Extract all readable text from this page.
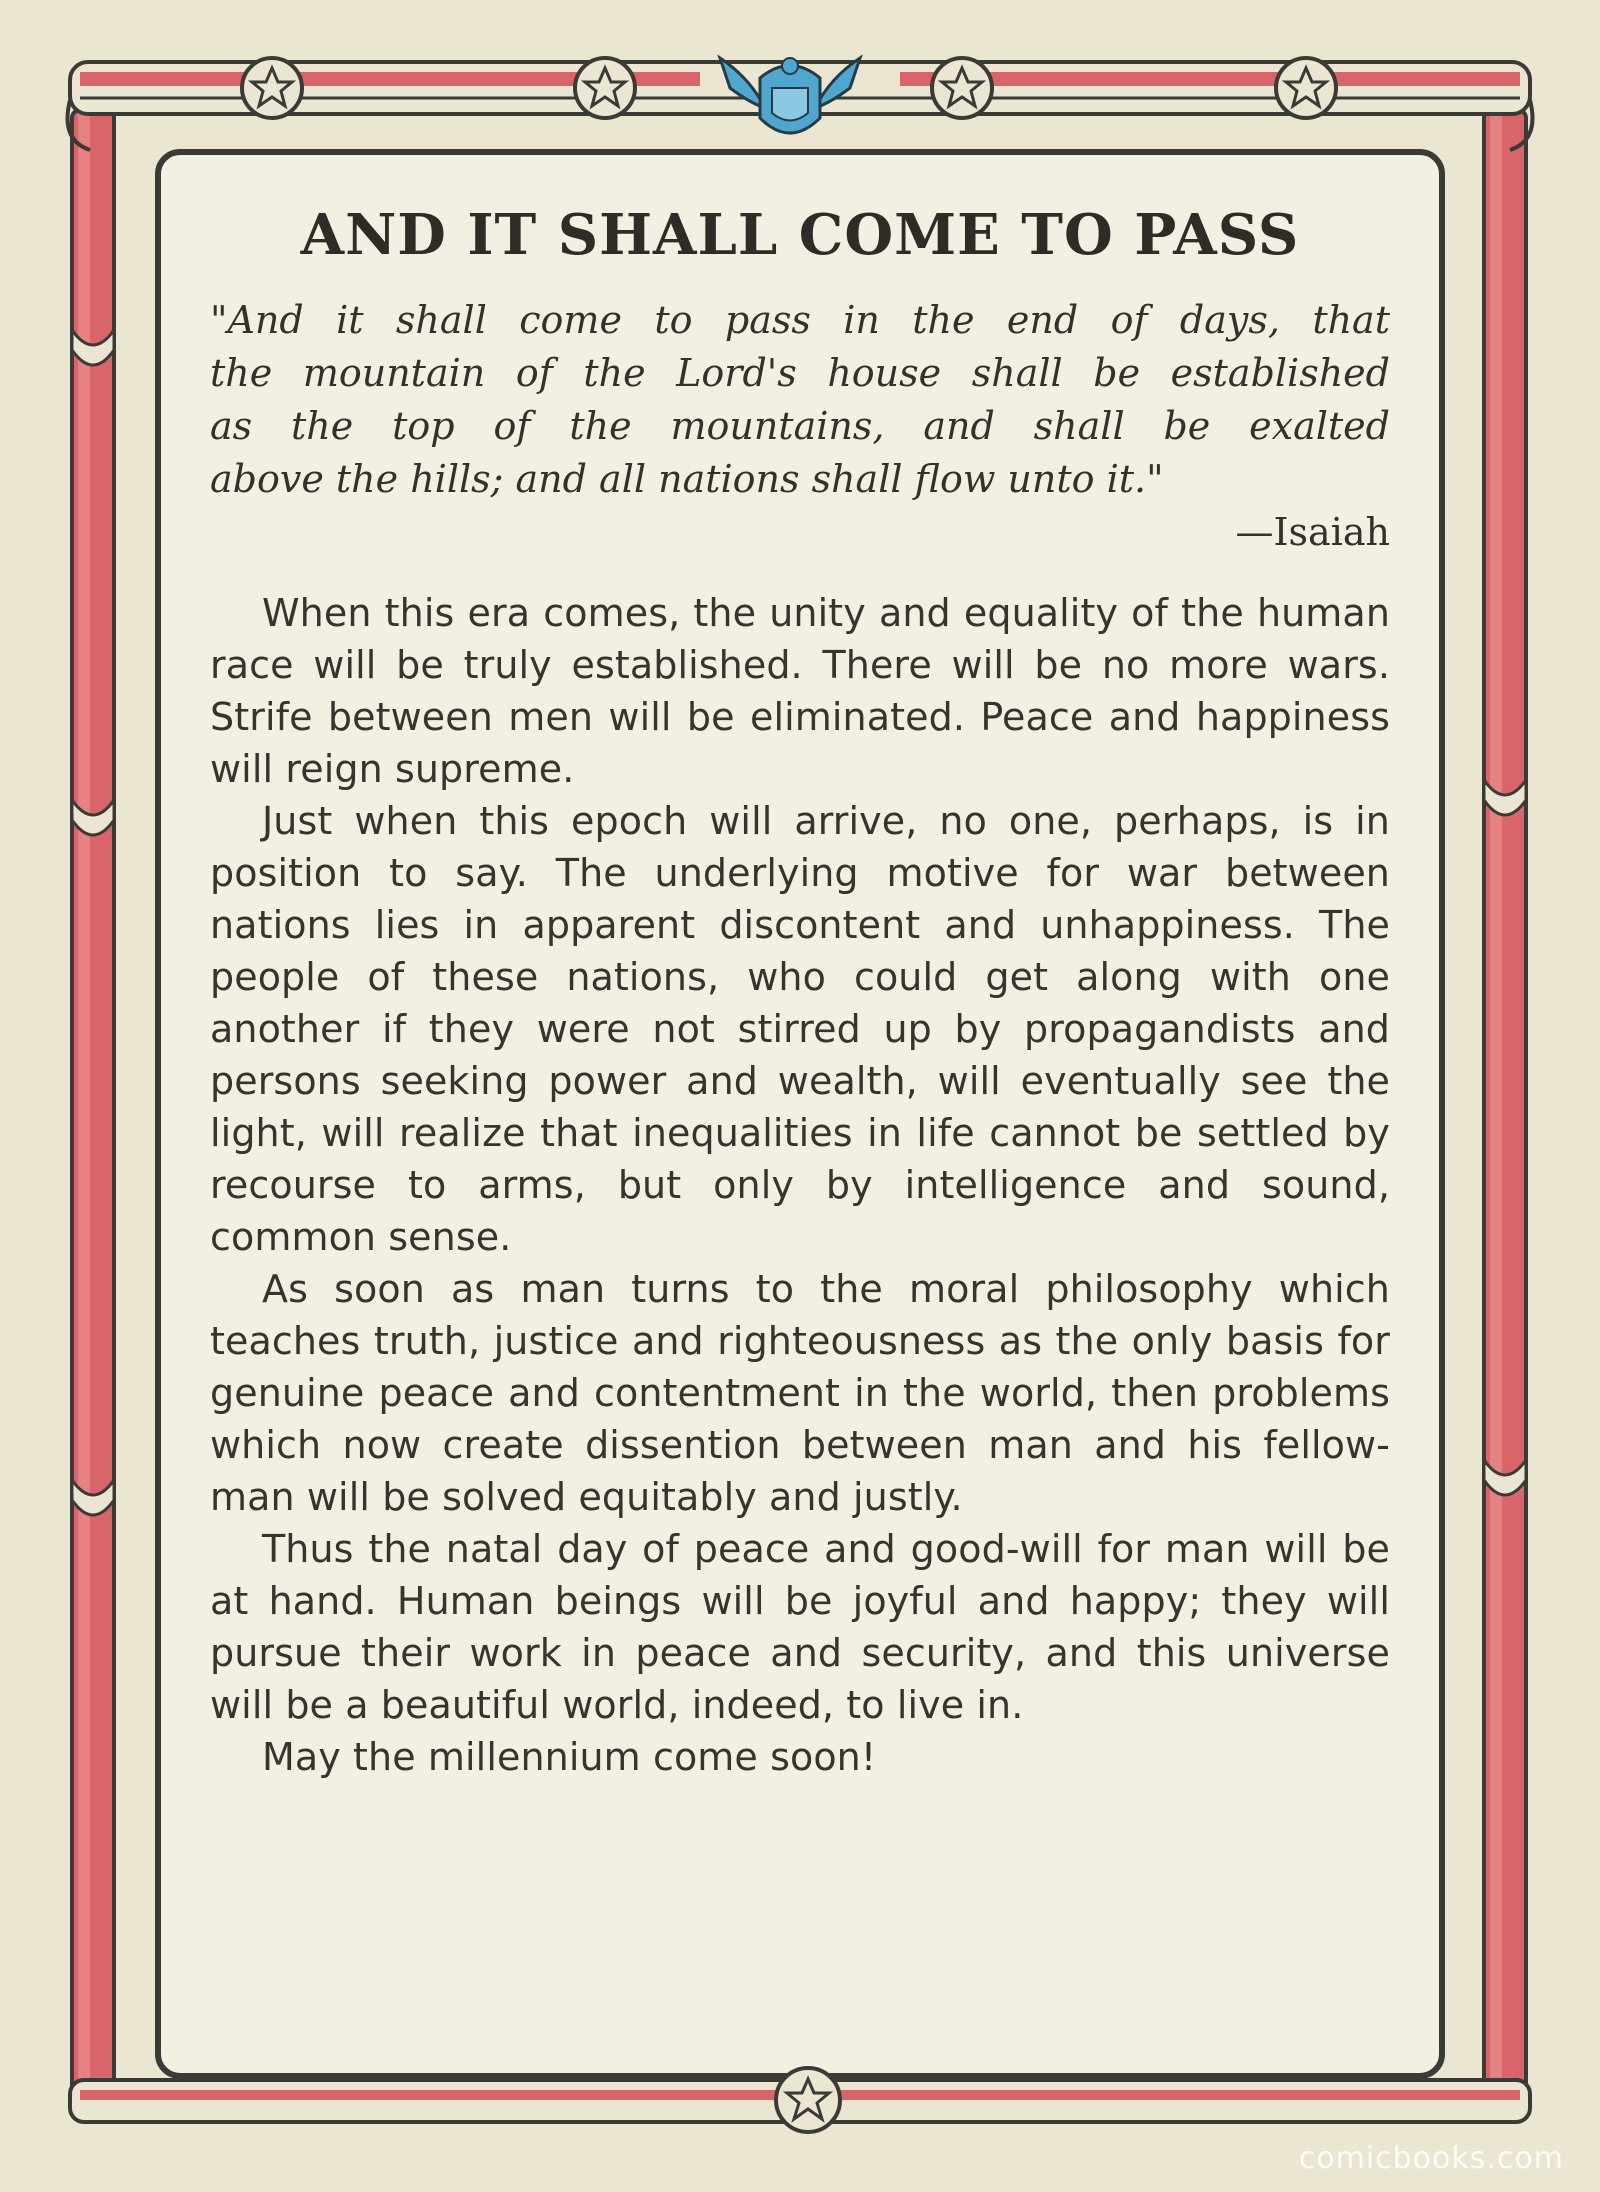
AND IT SHALL COME TO PASS

"And it shall come to pass in the end of days, that

the mountain of the Lord's house shall be established

as the top of the mountains, and shall be exalted

above the hills; and all nations shall flow unto it."

—Isaiah

When this era comes, the unity and equality of the human race will be truly established. There will be no more wars. Strife between men will be eliminated. Peace and happiness will reign supreme.

Just when this epoch will arrive, no one, perhaps, is in position to say. The underlying motive for war between nations lies in apparent discontent and unhappiness. The people of these nations, who could get along with one another if they were not stirred up by propagandists and persons seeking power and wealth, will eventually see the light, will realize that inequalities in life cannot be settled by recourse to arms, but only by intelligence and sound, common sense.

As soon as man turns to the moral philosophy which teaches truth, justice and righteousness as the only basis for genuine peace and contentment in the world, then problems which now create dissention between man and his fellow-man will be solved equitably and justly.

Thus the natal day of peace and good-will for man will be at hand. Human beings will be joyful and happy; they will pursue their work in peace and security, and this universe will be a beautiful world, indeed, to live in.

May the millennium come soon!

comicbooks.com
